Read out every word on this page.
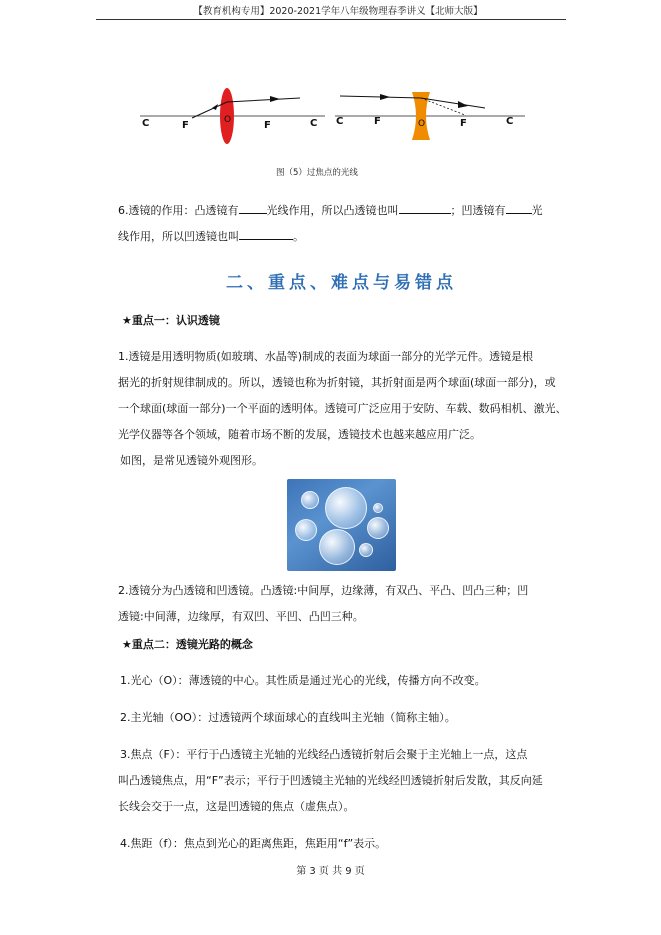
【教育机构专用】2020-2021学年八年级物理春季讲义【北师大版】
C	F	O	F	C C	F	O	F	C
图（5）过焦点的光线
6.透镜的作用：凸透镜有	光线作用，所以凸透镜也叫	；凹透镜有 光
线作用，所以凹透镜也叫	。
二、重点、难点与易错点
★重点一：认识透镜
1.透镜是用透明物质(如玻璃、水晶等)制成的表面为球面一部分的光学元件。透镜是根
据光的折射规律制成的。所以，透镜也称为折射镜，其折射面是两个球面(球面一部分)，或
一个球面(球面一部分)一个平面的透明体。透镜可广泛应用于安防、车载、数码相机、激光、
光学仪器等各个领域，随着市场不断的发展，透镜技术也越来越应用广泛。
如图，是常见透镜外观图形。
2.透镜分为凸透镜和凹透镜。凸透镜:中间厚，边缘薄，有双凸、平凸、凹凸三种；凹
透镜:中间薄，边缘厚，有双凹、平凹、凸凹三种。
★重点二：透镜光路的概念
1.光心（O）：薄透镜的中心。其性质是通过光心的光线，传播方向不改变。
2.主光轴（OO）：过透镜两个球面球心的直线叫主光轴（简称主轴）。
3.焦点（F）：平行于凸透镜主光轴的光线经凸透镜折射后会聚于主光轴上一点，这点
叫凸透镜焦点，用“F”表示；平行于凹透镜主光轴的光线经凹透镜折射后发散，其反向延
长线会交于一点，这是凹透镜的焦点（虚焦点）。
4.焦距（f）：焦点到光心的距离焦距，焦距用“f”表示。
第 3 页 共 9 页
